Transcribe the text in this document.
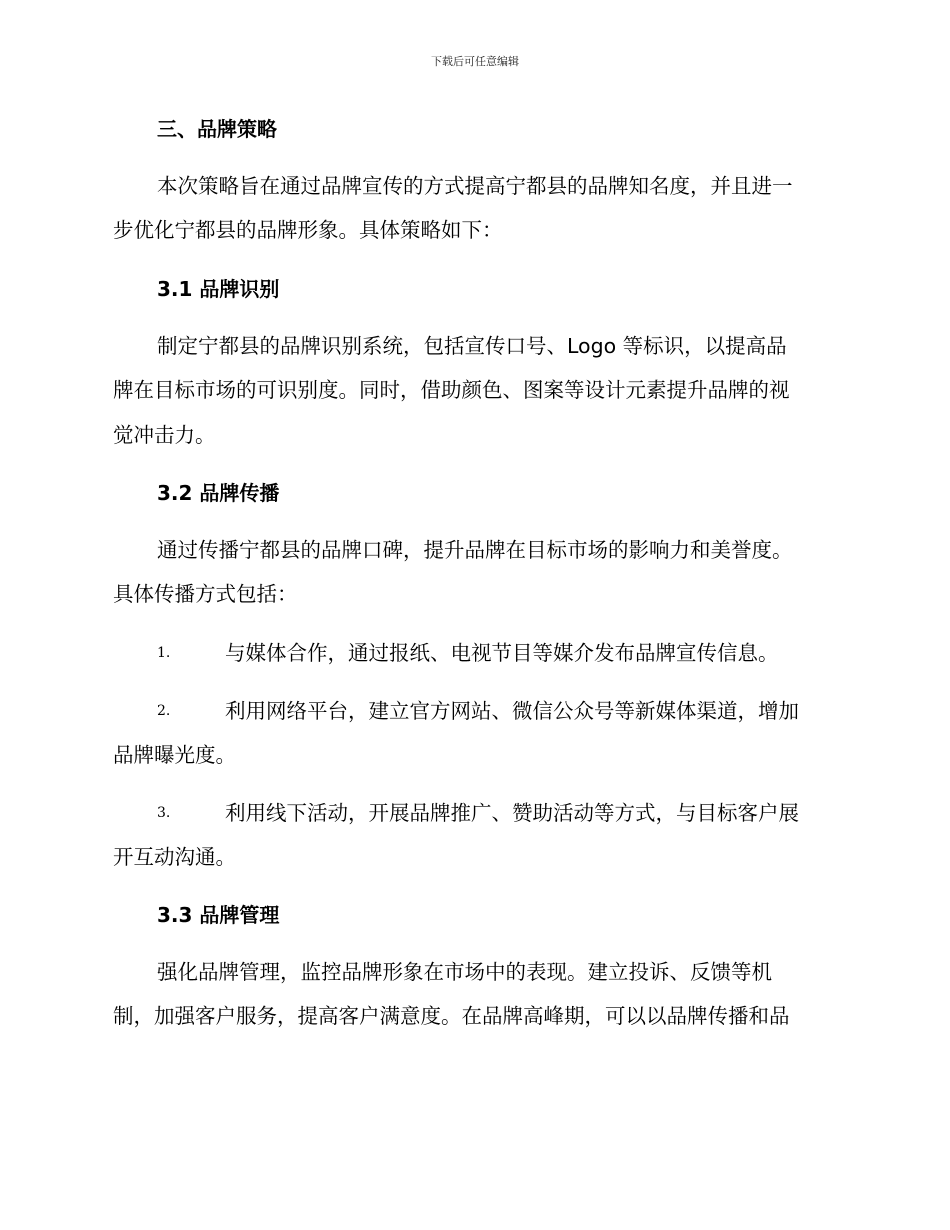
下载后可任意编辑
三、品牌策略
本次策略旨在通过品牌宣传的方式提高宁都县的品牌知名度，并且进一
步优化宁都县的品牌形象。具体策略如下：
3.1 品牌识别
制定宁都县的品牌识别系统，包括宣传口号、Logo 等标识，以提高品
牌在目标市场的可识别度。同时，借助颜色、图案等设计元素提升品牌的视
觉冲击力。
3.2 品牌传播
通过传播宁都县的品牌口碑，提升品牌在目标市场的影响力和美誉度。
具体传播方式包括：
1.	与媒体合作，通过报纸、电视节目等媒介发布品牌宣传信息。
2.	利用网络平台，建立官方网站、微信公众号等新媒体渠道，增加
品牌曝光度。
3.	利用线下活动，开展品牌推广、赞助活动等方式，与目标客户展
开互动沟通。
3.3 品牌管理
强化品牌管理，监控品牌形象在市场中的表现。建立投诉、反馈等机
制，加强客户服务，提高客户满意度。在品牌高峰期，可以以品牌传播和品
